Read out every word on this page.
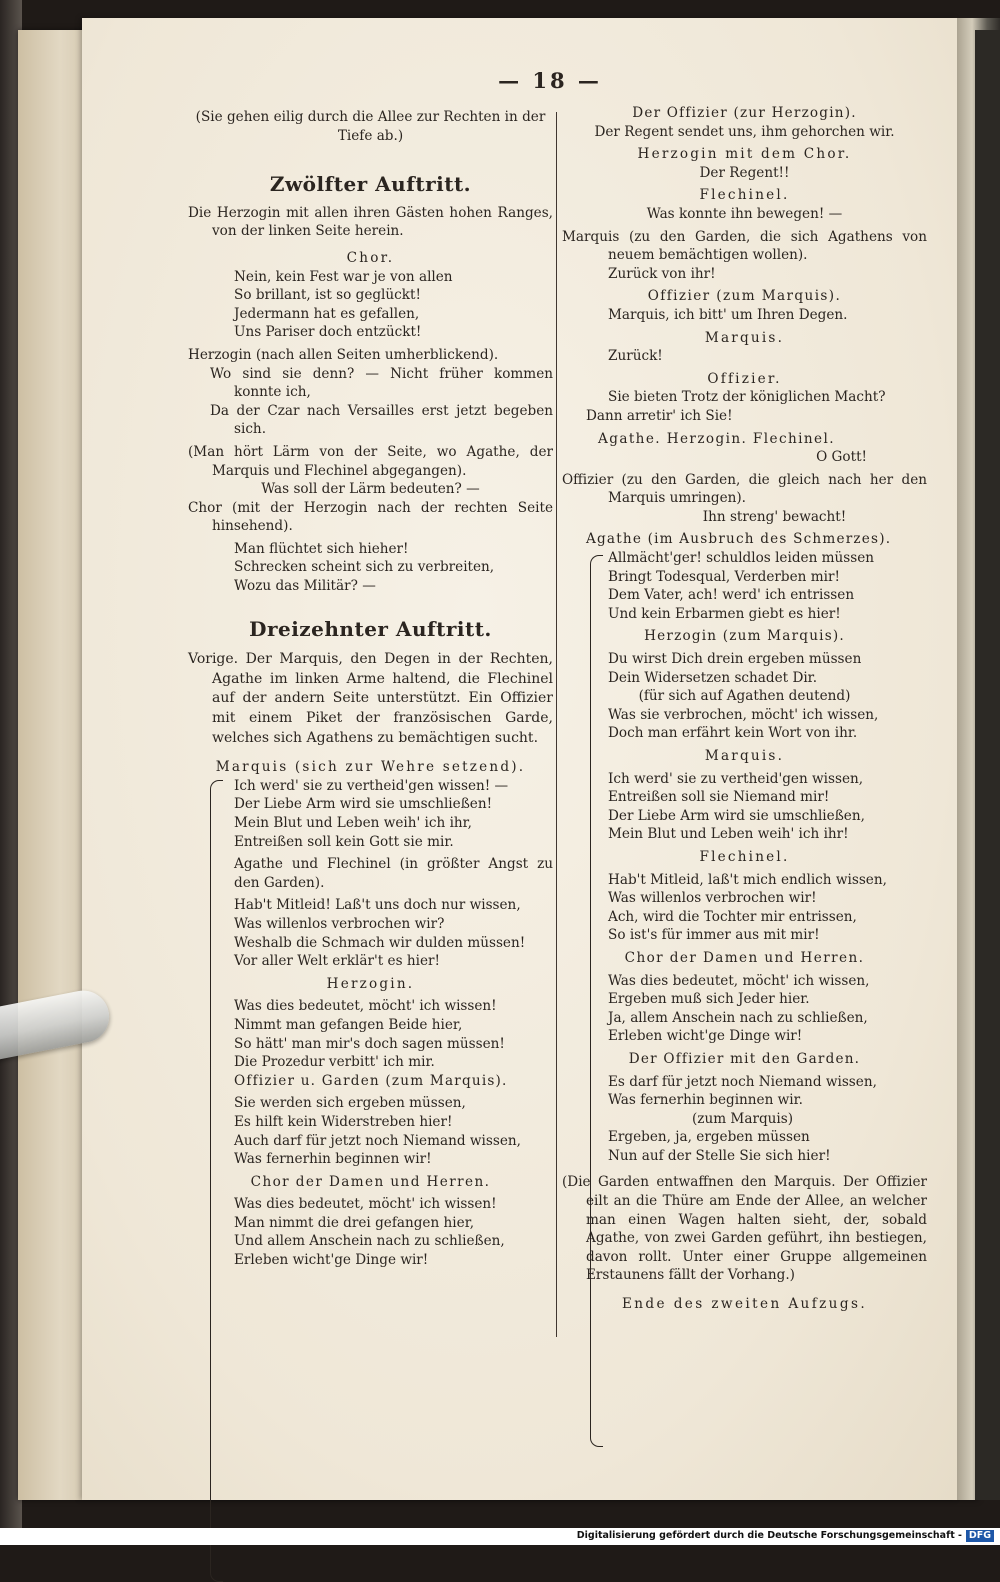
— 18 —
(Sie gehen eilig durch die Allee zur Rechten in der Tiefe ab.)
Zwölfter Auftritt.
Die Herzogin mit allen ihren Gästen hohen Ranges, von der linken Seite herein.
Chor.
Nein, kein Fest war je von allen
So brillant, ist so geglückt!
Jedermann hat es gefallen,
Uns Pariser doch entzückt!
Herzogin (nach allen Seiten umherblickend).
Wo sind sie denn? — Nicht früher kommen konnte ich,
Da der Czar nach Versailles erst jetzt begeben sich.
(Man hört Lärm von der Seite, wo Agathe, der Marquis und Flechinel abgegangen).
Was soll der Lärm bedeuten? —
Chor (mit der Herzogin nach der rechten Seite hinsehend).
Man flüchtet sich hieher!
Schrecken scheint sich zu verbreiten,
Wozu das Militär? —
Dreizehnter Auftritt.
Vorige. Der Marquis, den Degen in der Rechten, Agathe im linken Arme haltend, die Flechinel auf der andern Seite unterstützt. Ein Offizier mit einem Piket der französischen Garde, welches sich Agathens zu bemächtigen sucht.
Marquis (sich zur Wehre setzend).
Ich werd' sie zu vertheid'gen wissen! —
Der Liebe Arm wird sie umschließen!
Mein Blut und Leben weih' ich ihr,
Entreißen soll kein Gott sie mir.
Agathe und Flechinel (in größter Angst zu den Garden).
Hab't Mitleid! Laß't uns doch nur wissen,
Was willenlos verbrochen wir?
Weshalb die Schmach wir dulden müssen!
Vor aller Welt erklär't es hier!
Herzogin.
Was dies bedeutet, möcht' ich wissen!
Nimmt man gefangen Beide hier,
So hätt' man mir's doch sagen müssen!
Die Prozedur verbitt' ich mir.
Offizier u. Garden (zum Marquis).
Sie werden sich ergeben müssen,
Es hilft kein Widerstreben hier!
Auch darf für jetzt noch Niemand wissen,
Was fernerhin beginnen wir!
Chor der Damen und Herren.
Was dies bedeutet, möcht' ich wissen!
Man nimmt die drei gefangen hier,
Und allem Anschein nach zu schließen,
Erleben wicht'ge Dinge wir!
Der Offizier (zur Herzogin).
Der Regent sendet uns, ihm gehorchen wir.
Herzogin mit dem Chor.
Der Regent!!
Flechinel.
Was konnte ihn bewegen! —
Marquis (zu den Garden, die sich Agathens von neuem bemächtigen wollen).
Zurück von ihr!
Offizier (zum Marquis).
Marquis, ich bitt' um Ihren Degen.
Marquis.
Zurück!
Offizier.
Sie bieten Trotz der königlichen Macht?
Dann arretir' ich Sie!
Agathe. Herzogin. Flechinel.
O Gott!
Offizier (zu den Garden, die gleich nach her den Marquis umringen).
Ihn streng' bewacht!
Agathe (im Ausbruch des Schmerzes).
Allmächt'ger! schuldlos leiden müssen
Bringt Todesqual, Verderben mir!
Dem Vater, ach! werd' ich entrissen
Und kein Erbarmen giebt es hier!
Herzogin (zum Marquis).
Du wirst Dich drein ergeben müssen
Dein Widersetzen schadet Dir.
(für sich auf Agathen deutend)
Was sie verbrochen, möcht' ich wissen,
Doch man erfährt kein Wort von ihr.
Marquis.
Ich werd' sie zu vertheid'gen wissen,
Entreißen soll sie Niemand mir!
Der Liebe Arm wird sie umschließen,
Mein Blut und Leben weih' ich ihr!
Flechinel.
Hab't Mitleid, laß't mich endlich wissen,
Was willenlos verbrochen wir!
Ach, wird die Tochter mir entrissen,
So ist's für immer aus mit mir!
Chor der Damen und Herren.
Was dies bedeutet, möcht' ich wissen,
Ergeben muß sich Jeder hier.
Ja, allem Anschein nach zu schließen,
Erleben wicht'ge Dinge wir!
Der Offizier mit den Garden.
Es darf für jetzt noch Niemand wissen,
Was fernerhin beginnen wir.
(zum Marquis)
Ergeben, ja, ergeben müssen
Nun auf der Stelle Sie sich hier!
(Die Garden entwaffnen den Marquis. Der Offizier eilt an die Thüre am Ende der Allee, an welcher man einen Wagen halten sieht, der, sobald Agathe, von zwei Garden geführt, ihn bestiegen, davon rollt. Unter einer Gruppe allgemeinen Erstaunens fällt der Vorhang.)
Ende des zweiten Aufzugs.
Digitalisierung gefördert durch die Deutsche Forschungsgemeinschaft - DFG
